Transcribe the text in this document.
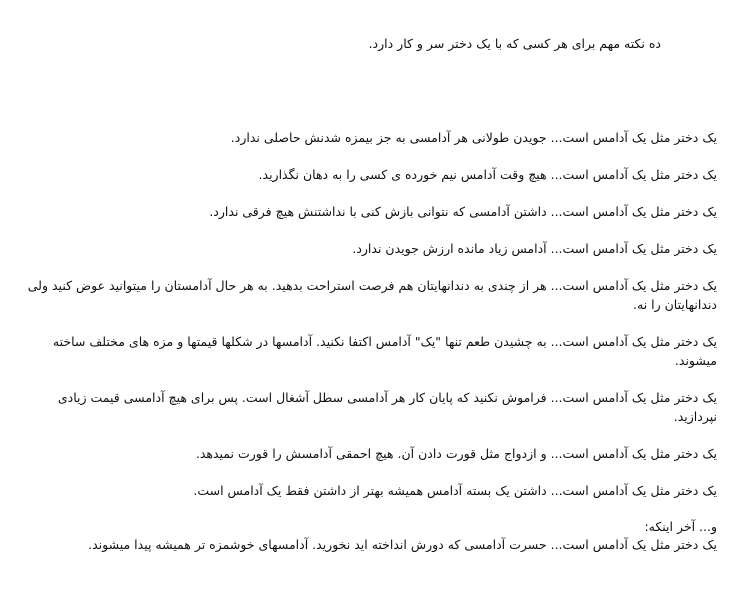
ده نکته مهم برای هر کسی که با یک دختر سر و کار دارد.

یک دختر مثل یک آدامس است... جویدن طولانی هر آدامسی به جز بیمزه شدنش حاصلی ندارد.

یک دختر مثل یک آدامس است... هیچ وقت آدامس نیم خورده ی کسی را به دهان نگذارید.

یک دختر مثل یک آدامس است... داشتن آدامسی که نتوانی بازش کنی با نداشتنش هیچ فرقی ندارد.

یک دختر مثل یک آدامس است... آدامس زیاد مانده ارزش جویدن ندارد.

یک دختر مثل یک آدامس است... هر از چندی به دندانهایتان هم فرصت استراحت بدهید. به هر حال آدامستان را میتوانید عوض کنید ولی دندانهایتان را نه.

یک دختر مثل یک آدامس است... به چشیدن طعم تنها "یک" آدامس اکتفا نکنید. آدامسها در شکلها قیمتها و مزه های مختلف ساخته میشوند.

یک دختر مثل یک آدامس است... فراموش نکنید که پایان کار هر آدامسی سطل آشغال است. پس برای هیچ آدامسی قیمت زیادی نپردازید.

یک دختر مثل یک آدامس است... و ازدواج مثل قورت دادن آن. هیچ احمقی آدامسش را قورت نمیدهد.

یک دختر مثل یک آدامس است... داشتن یک بسته آدامس همیشه بهتر از داشتن فقط یک آدامس است.

و... آخر اینکه:
یک دختر مثل یک آدامس است... حسرت آدامسی که دورش انداخته اید نخورید. آدامسهای خوشمزه تر همیشه پیدا میشوند.
